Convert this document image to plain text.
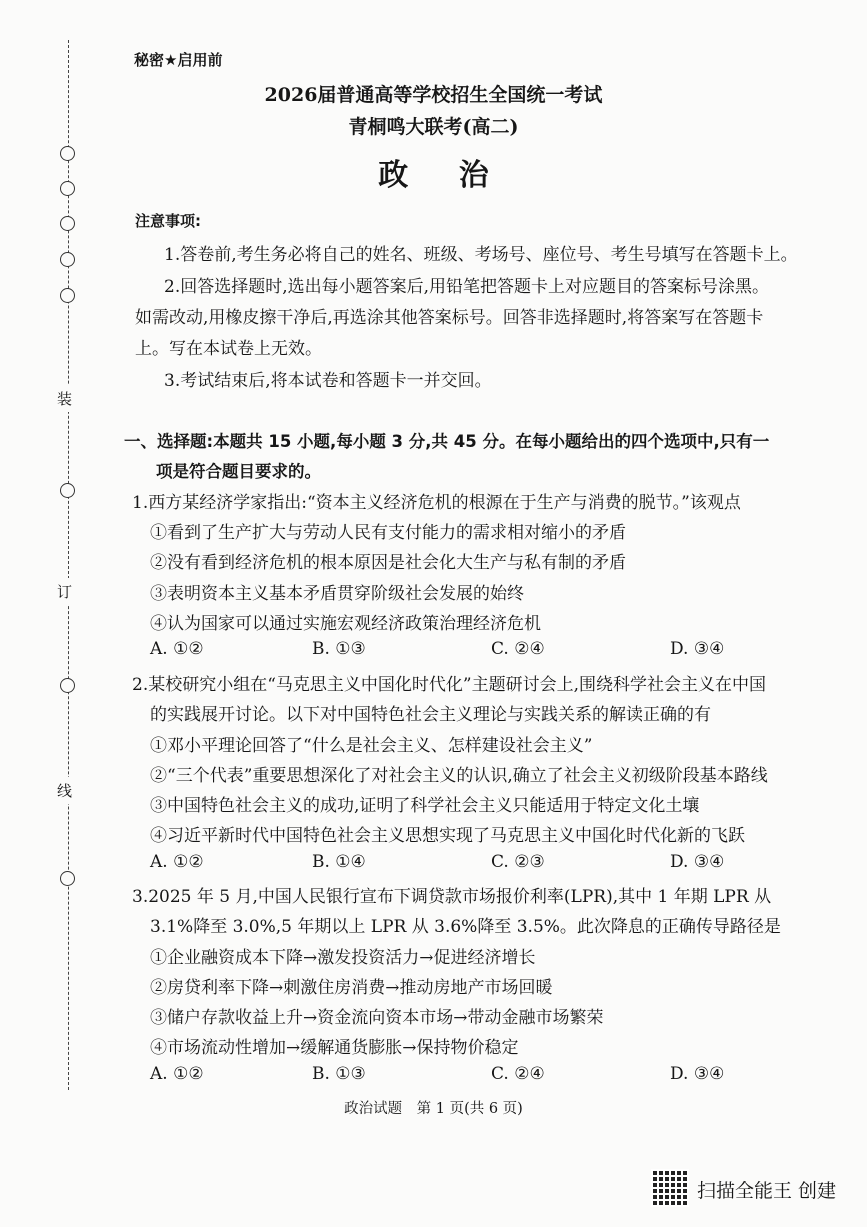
装
订
线
秘密★启用前
2026届普通高等学校招生全国统一考试
青桐鸣大联考(高二)
政 治
注意事项:
1.答卷前,考生务必将自己的姓名、班级、考场号、座位号、考生号填写在答题卡上。
2.回答选择题时,选出每小题答案后,用铅笔把答题卡上对应题目的答案标号涂黑。
如需改动,用橡皮擦干净后,再选涂其他答案标号。回答非选择题时,将答案写在答题卡
上。写在本试卷上无效。
3.考试结束后,将本试卷和答题卡一并交回。
一、选择题:本题共 15 小题,每小题 3 分,共 45 分。在每小题给出的四个选项中,只有一
项是符合题目要求的。
1.西方某经济学家指出:“资本主义经济危机的根源在于生产与消费的脱节。”该观点
①看到了生产扩大与劳动人民有支付能力的需求相对缩小的矛盾
②没有看到经济危机的根本原因是社会化大生产与私有制的矛盾
③表明资本主义基本矛盾贯穿阶级社会发展的始终
④认为国家可以通过实施宏观经济政策治理经济危机
A. ①②	B. ①③	C. ②④	D. ③④
2.某校研究小组在“马克思主义中国化时代化”主题研讨会上,围绕科学社会主义在中国
的实践展开讨论。以下对中国特色社会主义理论与实践关系的解读正确的有
①邓小平理论回答了“什么是社会主义、怎样建设社会主义”
②“三个代表”重要思想深化了对社会主义的认识,确立了社会主义初级阶段基本路线
③中国特色社会主义的成功,证明了科学社会主义只能适用于特定文化土壤
④习近平新时代中国特色社会主义思想实现了马克思主义中国化时代化新的飞跃
A. ①②	B. ①④	C. ②③	D. ③④
3.2025 年 5 月,中国人民银行宣布下调贷款市场报价利率(LPR),其中 1 年期 LPR 从
3.1%降至 3.0%,5 年期以上 LPR 从 3.6%降至 3.5%。此次降息的正确传导路径是
①企业融资成本下降→激发投资活力→促进经济增长
②房贷利率下降→刺激住房消费→推动房地产市场回暖
③储户存款收益上升→资金流向资本市场→带动金融市场繁荣
④市场流动性增加→缓解通货膨胀→保持物价稳定
A. ①②	B. ①③	C. ②④	D. ③④
政治试题　第 1 页(共 6 页)
扫描全能王 创建
